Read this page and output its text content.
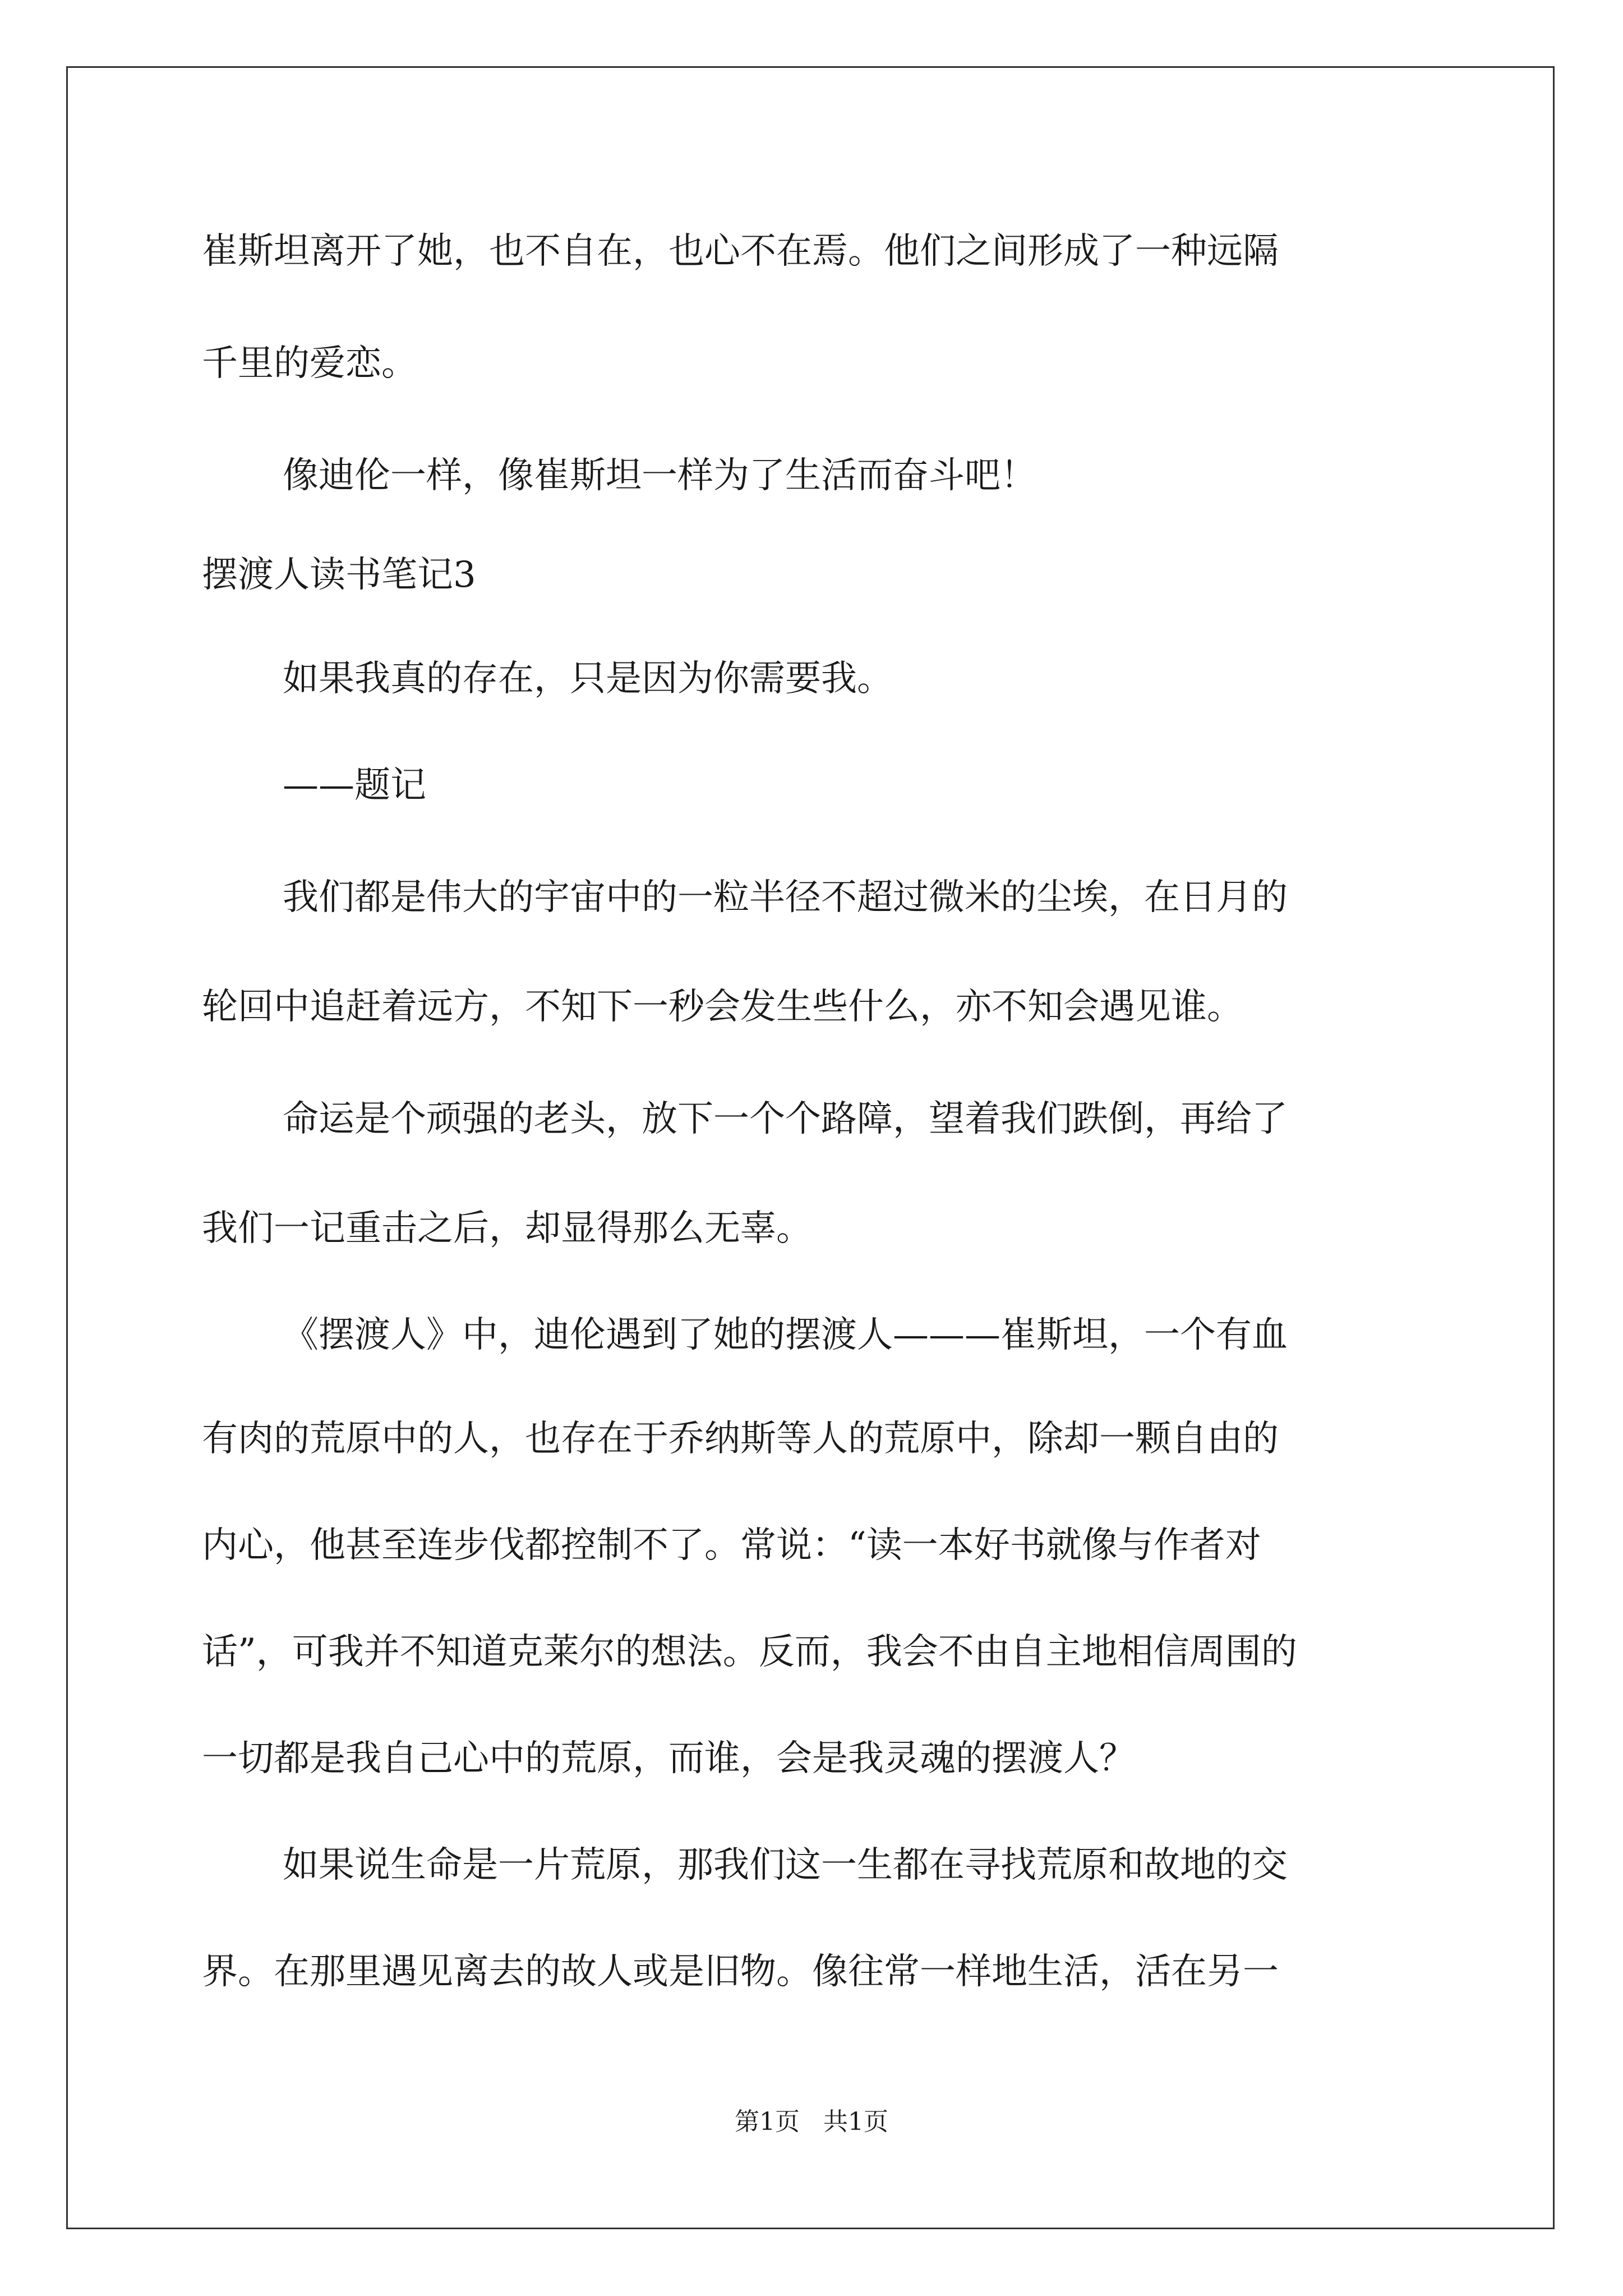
崔斯坦离开了她，也不自在，也心不在焉。他们之间形成了一种远隔

千里的爱恋。

像迪伦一样，像崔斯坦一样为了生活而奋斗吧！

摆渡人读书笔记3

如果我真的存在，只是因为你需要我。

——题记

我们都是伟大的宇宙中的一粒半径不超过微米的尘埃，在日月的

轮回中追赶着远方，不知下一秒会发生些什么，亦不知会遇见谁。

命运是个顽强的老头，放下一个个路障，望着我们跌倒，再给了

我们一记重击之后，却显得那么无辜。

《摆渡人》中，迪伦遇到了她的摆渡人———崔斯坦，一个有血

有肉的荒原中的人，也存在于乔纳斯等人的荒原中，除却一颗自由的

内心，他甚至连步伐都控制不了。常说：“读一本好书就像与作者对

话”，可我并不知道克莱尔的想法。反而，我会不由自主地相信周围的

一切都是我自己心中的荒原，而谁，会是我灵魂的摆渡人？

如果说生命是一片荒原，那我们这一生都在寻找荒原和故地的交

界。在那里遇见离去的故人或是旧物。像往常一样地生活，活在另一

第1页 共1页
